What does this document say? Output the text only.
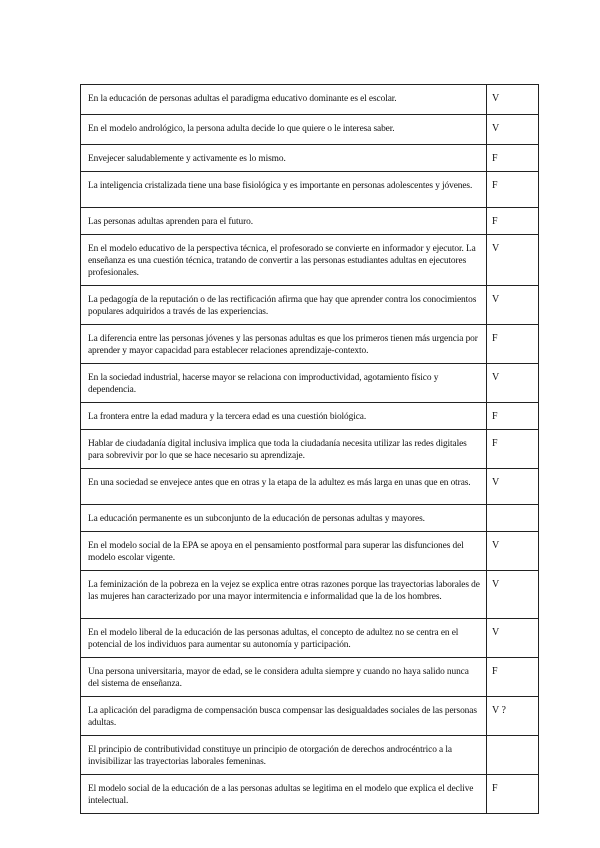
En la educación de personas adultas el paradigma educativo dominante es el escolar.	V
En el modelo andrológico, la persona adulta decide lo que quiere o le interesa saber.	V
Envejecer saludablemente y activamente es lo mismo.	F
La inteligencia cristalizada tiene una base fisiológica y es importante en personas adolescentes y jóvenes.	F
Las personas adultas aprenden para el futuro.	F
En el modelo educativo de la perspectiva técnica, el profesorado se convierte en informador y ejecutor. La enseñanza es una cuestión técnica, tratando de convertir a las personas estudiantes adultas en ejecutores profesionales.	V
La pedagogía de la reputación o de las rectificación afirma que hay que aprender contra los conocimientos populares adquiridos a través de las experiencias.	V
La diferencia entre las personas jóvenes y las personas adultas es que los primeros tienen más urgencia por aprender y mayor capacidad para establecer relaciones aprendizaje-contexto.	F
En la sociedad industrial, hacerse mayor se relaciona con improductividad, agotamiento físico y dependencia.	V
La frontera entre la edad madura y la tercera edad es una cuestión biológica.	F
Hablar de ciudadanía digital inclusiva implica que toda la ciudadanía necesita utilizar las redes digitales para sobrevivir por lo que se hace necesario su aprendizaje.	F
En una sociedad se envejece antes que en otras y la etapa de la adultez es más larga en unas que en otras.	V
La educación permanente es un subconjunto de la educación de personas adultas y mayores.	
En el modelo social de la EPA se apoya en el pensamiento postformal para superar las disfunciones del modelo escolar vigente.	V
La feminización de la pobreza en la vejez se explica entre otras razones porque las trayectorias laborales de las mujeres han caracterizado por una mayor intermitencia e informalidad que la de los hombres.	V
En el modelo liberal de la educación de las personas adultas, el concepto de adultez no se centra en el potencial de los individuos para aumentar su autonomía y participación.	V
Una persona universitaria, mayor de edad, se le considera adulta siempre y cuando no haya salido nunca del sistema de enseñanza.	F
La aplicación del paradigma de compensación busca compensar las desigualdades sociales de las personas adultas.	V ?
El principio de contributividad constituye un principio de otorgación de derechos androcéntrico a la invisibilizar las trayectorias laborales femeninas.	
El modelo social de la educación de a las personas adultas se legitima en el modelo que explica el declive intelectual.	F
